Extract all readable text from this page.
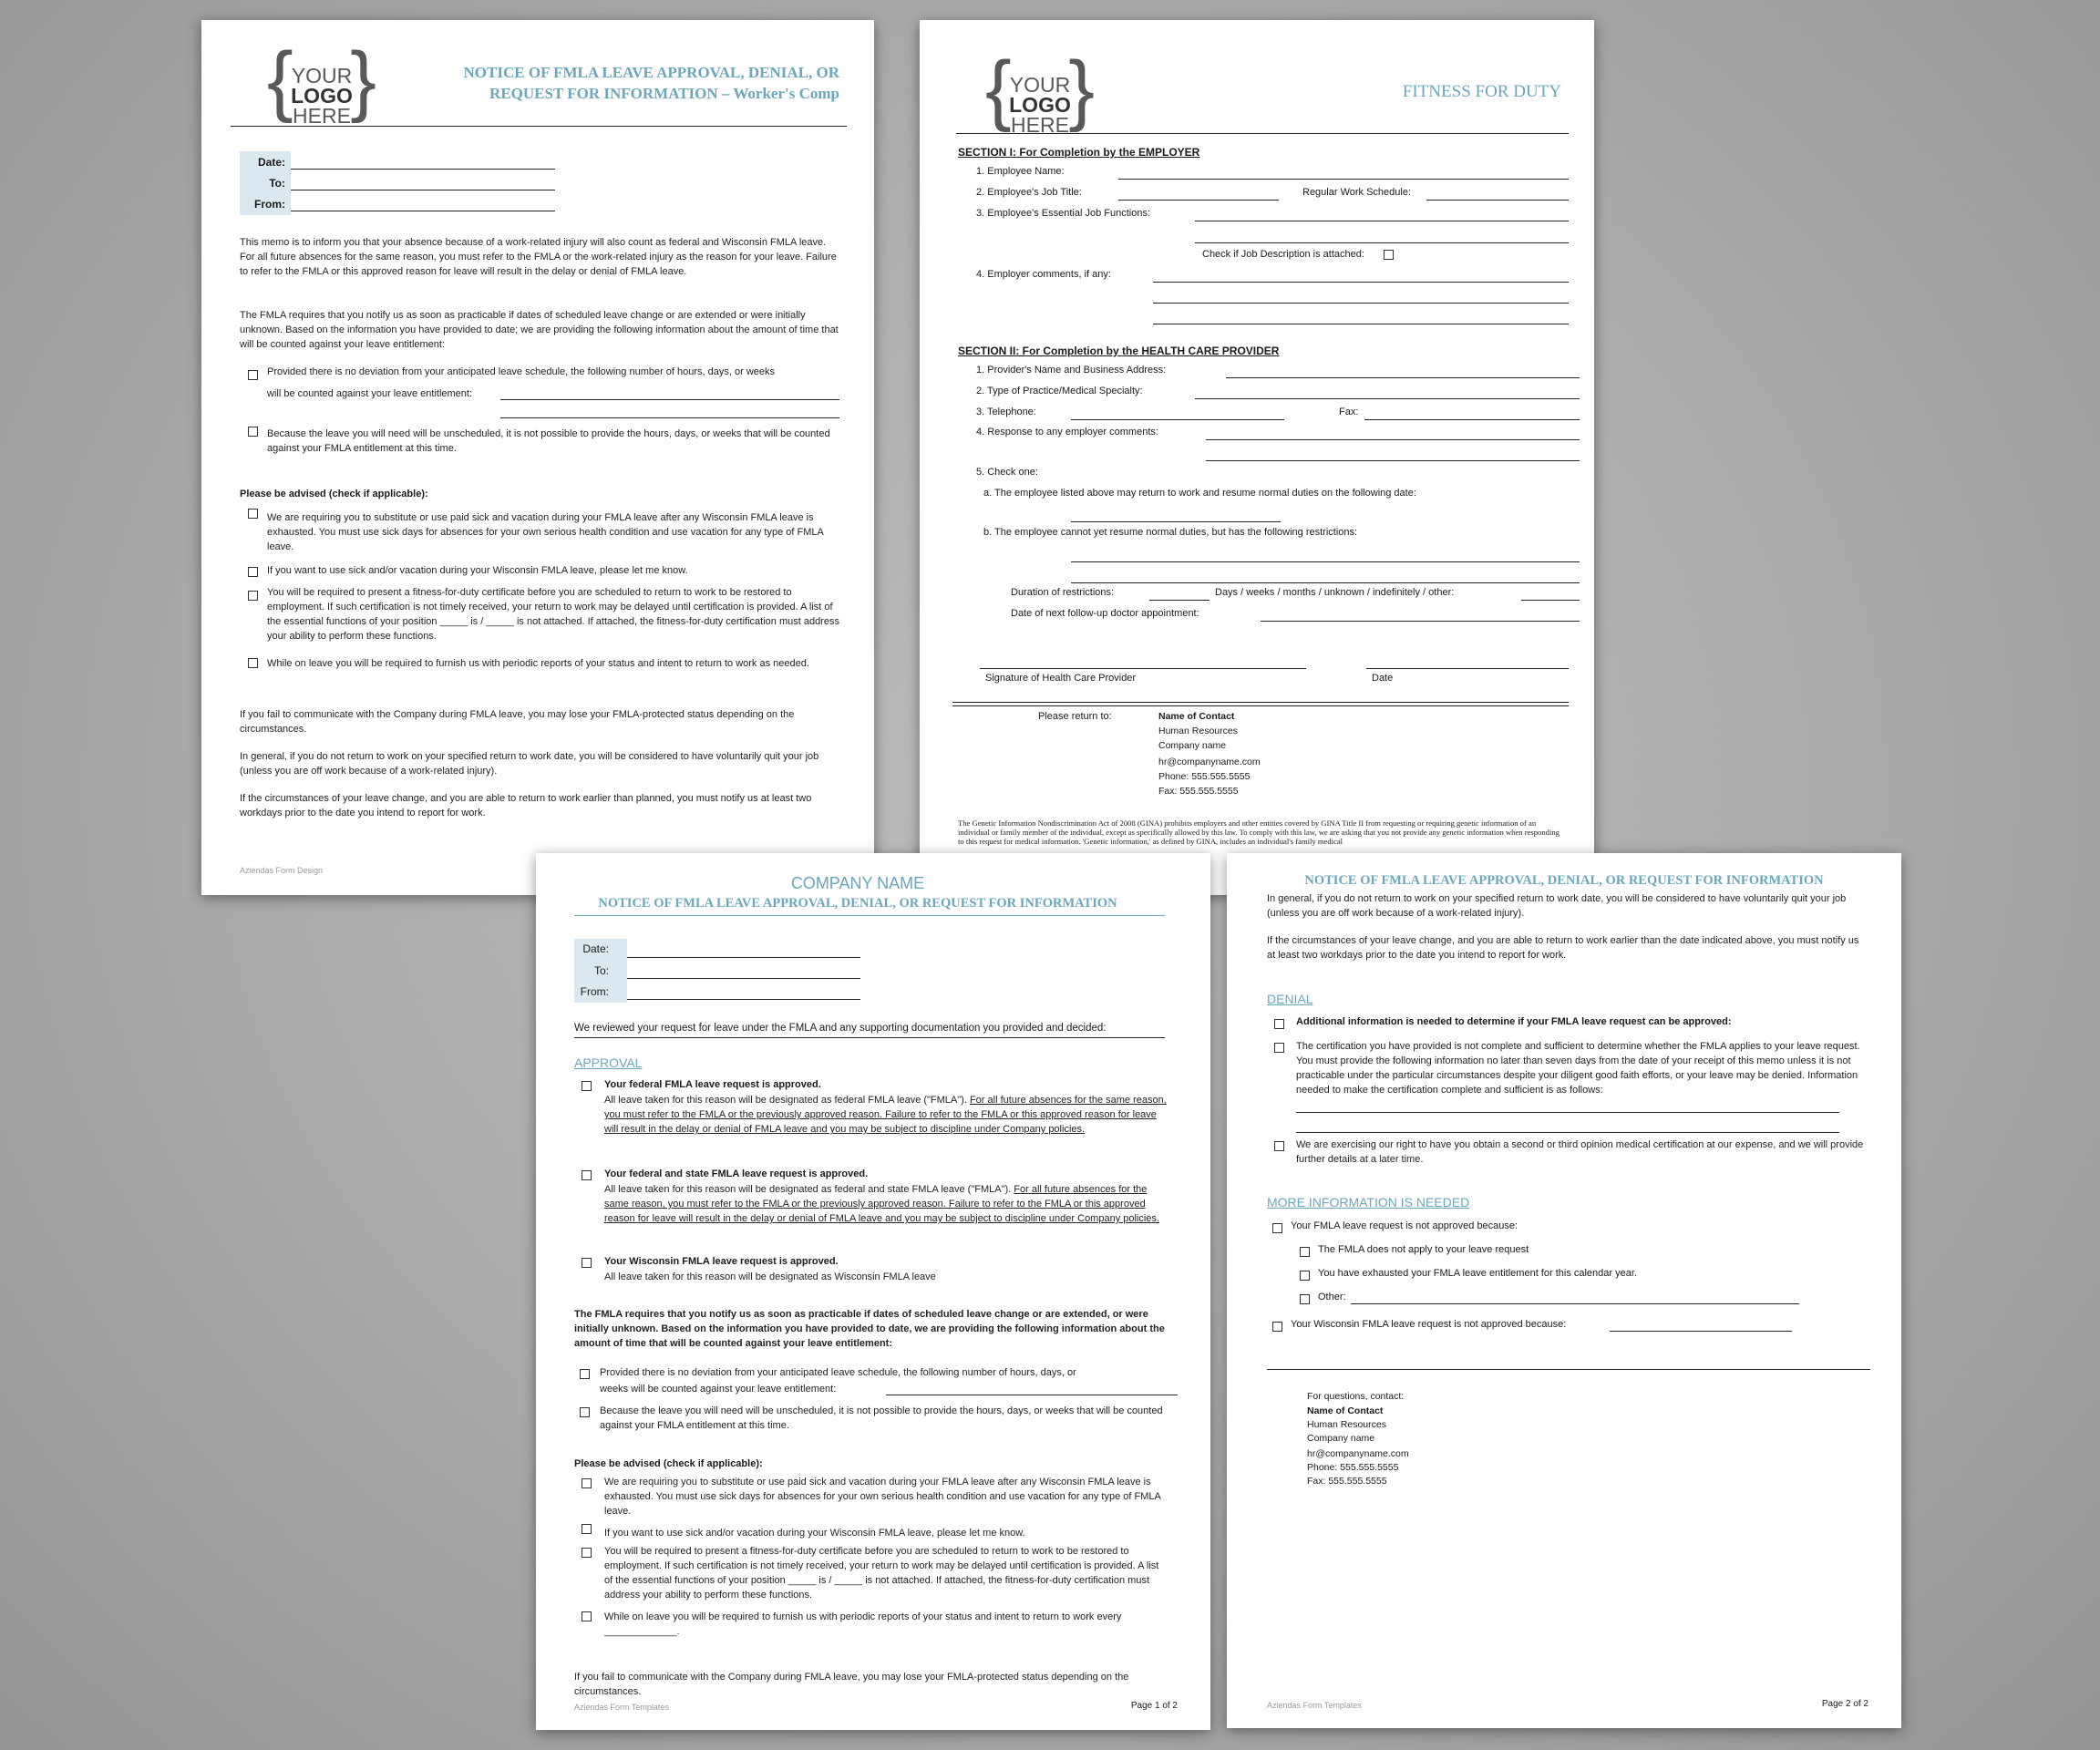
{ }
YOUR
LOGO
HERE
NOTICE OF FMLA LEAVE APPROVAL, DENIAL, OR
REQUEST FOR INFORMATION – Worker's Comp
Date:
To:
From:
This memo is to inform you that your absence because of a work-related injury will also count as federal and Wisconsin FMLA leave. For all future absences for the same reason, you must refer to the FMLA or the work-related injury as the reason for your leave. Failure to refer to the FMLA or this approved reason for leave will result in the delay or denial of FMLA leave.
The FMLA requires that you notify us as soon as practicable if dates of scheduled leave change or are extended or were initially unknown. Based on the information you have provided to date; we are providing the following information about the amount of time that will be counted against your leave entitlement:
Provided there is no deviation from your anticipated leave schedule, the following number of hours, days, or weeks
will be counted against your leave entitlement:
Because the leave you will need will be unscheduled, it is not possible to provide the hours, days, or weeks that will be counted against your FMLA entitlement at this time.
Please be advised (check if applicable):
We are requiring you to substitute or use paid sick and vacation during your FMLA leave after any Wisconsin FMLA leave is exhausted. You must use sick days for absences for your own serious health condition and use vacation for any type of FMLA leave.
If you want to use sick and/or vacation during your Wisconsin FMLA leave, please let me know.
You will be required to present a fitness-for-duty certificate before you are scheduled to return to work to be restored to employment. If such certification is not timely received, your return to work may be delayed until certification is provided. A list of the essential functions of your position _____ is / _____ is not attached. If attached, the fitness-for-duty certification must address your ability to perform these functions.
While on leave you will be required to furnish us with periodic reports of your status and intent to return to work as needed.
If you fail to communicate with the Company during FMLA leave, you may lose your FMLA-protected status depending on the circumstances.
In general, if you do not return to work on your specified return to work date, you will be considered to have voluntarily quit your job (unless you are off work because of a work-related injury).
If the circumstances of your leave change, and you are able to return to work earlier than planned, you must notify us at least two workdays prior to the date you intend to report for work.
Aziendas Form Design
{ }
YOUR
LOGO
HERE
FITNESS FOR DUTY
SECTION I: For Completion by the EMPLOYER
1. Employee Name:
2. Employee's Job Title:	Regular Work Schedule:
3. Employee's Essential Job Functions:
Check if Job Description is attached:
4. Employer comments, if any:
SECTION II: For Completion by the HEALTH CARE PROVIDER
1. Provider's Name and Business Address:
2. Type of Practice/Medical Specialty:
3. Telephone:	Fax:
4. Response to any employer comments:
5. Check one:
a. The employee listed above may return to work and resume normal duties on the following date:
b. The employee cannot yet resume normal duties, but has the following restrictions:
Duration of restrictions:	Days / weeks / months / unknown / indefinitely / other:
Date of next follow-up doctor appointment:
Signature of Health Care Provider	Date
Please return to:	Name of Contact
Human Resources
Company name
hr@companyname.com
Phone: 555.555.5555
Fax: 555.555.5555
The Genetic Information Nondiscrimination Act of 2008 (GINA) prohibits employers and other entities covered by GINA Title II from requesting or requiring genetic information of an individual or family member of the individual, except as specifically allowed by this law. To comply with this law, we are asking that you not provide any genetic information when responding to this request for medical information. 'Genetic information,' as defined by GINA, includes an individual's family medical
COMPANY NAME
NOTICE OF FMLA LEAVE APPROVAL, DENIAL, OR REQUEST FOR INFORMATION
Date:
To:
From:
We reviewed your request for leave under the FMLA and any supporting documentation you provided and decided:
APPROVAL
Your federal FMLA leave request is approved.
All leave taken for this reason will be designated as federal FMLA leave ("FMLA"). For all future absences for the same reason, you must refer to the FMLA or the previously approved reason. Failure to refer to the FMLA or this approved reason for leave will result in the delay or denial of FMLA leave and you may be subject to discipline under Company policies.
Your federal and state FMLA leave request is approved.
All leave taken for this reason will be designated as federal and state FMLA leave ("FMLA"). For all future absences for the same reason, you must refer to the FMLA or the previously approved reason. Failure to refer to the FMLA or this approved reason for leave will result in the delay or denial of FMLA leave and you may be subject to discipline under Company policies.
Your Wisconsin FMLA leave request is approved.
All leave taken for this reason will be designated as Wisconsin FMLA leave
The FMLA requires that you notify us as soon as practicable if dates of scheduled leave change or are extended, or were initially unknown. Based on the information you have provided to date, we are providing the following information about the amount of time that will be counted against your leave entitlement:
Provided there is no deviation from your anticipated leave schedule, the following number of hours, days, or
weeks will be counted against your leave entitlement:
Because the leave you will need will be unscheduled, it is not possible to provide the hours, days, or weeks that will be counted against your FMLA entitlement at this time.
Please be advised (check if applicable):
We are requiring you to substitute or use paid sick and vacation during your FMLA leave after any Wisconsin FMLA leave is exhausted. You must use sick days for absences for your own serious health condition and use vacation for any type of FMLA leave.
If you want to use sick and/or vacation during your Wisconsin FMLA leave, please let me know.
You will be required to present a fitness-for-duty certificate before you are scheduled to return to work to be restored to employment. If such certification is not timely received, your return to work may be delayed until certification is provided. A list of the essential functions of your position _____ is / _____ is not attached. If attached, the fitness-for-duty certification must address your ability to perform these functions.
While on leave you will be required to furnish us with periodic reports of your status and intent to return to work every _____________.
If you fail to communicate with the Company during FMLA leave, you may lose your FMLA-protected status depending on the circumstances.
Aziendas Form Templates	Page 1 of 2
NOTICE OF FMLA LEAVE APPROVAL, DENIAL, OR REQUEST FOR INFORMATION
In general, if you do not return to work on your specified return to work date, you will be considered to have voluntarily quit your job (unless you are off work because of a work-related injury).
If the circumstances of your leave change, and you are able to return to work earlier than the date indicated above, you must notify us at least two workdays prior to the date you intend to report for work.
DENIAL
Additional information is needed to determine if your FMLA leave request can be approved:
The certification you have provided is not complete and sufficient to determine whether the FMLA applies to your leave request. You must provide the following information no later than seven days from the date of your receipt of this memo unless it is not practicable under the particular circumstances despite your diligent good faith efforts, or your leave may be denied. Information needed to make the certification complete and sufficient is as follows:
We are exercising our right to have you obtain a second or third opinion medical certification at our expense, and we will provide further details at a later time.
MORE INFORMATION IS NEEDED
Your FMLA leave request is not approved because:
The FMLA does not apply to your leave request
You have exhausted your FMLA leave entitlement for this calendar year.
Other:
Your Wisconsin FMLA leave request is not approved because:
For questions, contact:
Name of Contact
Human Resources
Company name
hr@companyname.com
Phone: 555.555.5555
Fax: 555.555.5555
Aziendas Form Templates	Page 2 of 2
